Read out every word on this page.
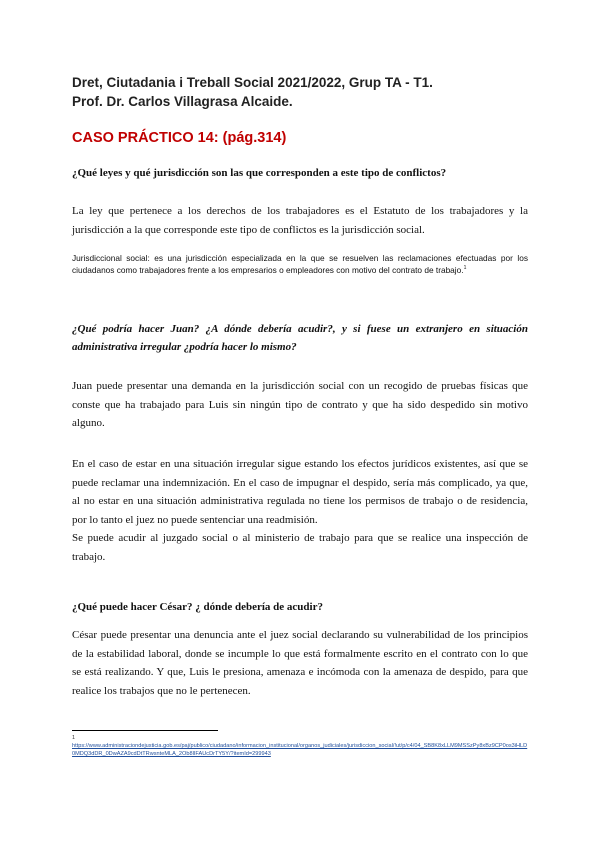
Dret, Ciutadania i Treball Social 2021/2022, Grup TA - T1.
Prof. Dr. Carlos Villagrasa Alcaide.
CASO PRÁCTICO 14: (pág.314)
¿Qué leyes y qué jurisdicción son las que corresponden a este tipo de conflictos?
La ley que pertenece a los derechos de los trabajadores es el Estatuto de los trabajadores y la jurisdicción a la que corresponde este tipo de conflictos es la jurisdicción social.
Jurisdiccional social: es una jurisdicción especializada en la que se resuelven las reclamaciones efectuadas por los ciudadanos como trabajadores frente a los empresarios o empleadores con motivo del contrato de trabajo.$^1$
¿Qué podría hacer Juan? ¿A dónde debería acudir?, y si fuese un extranjero en situación administrativa irregular ¿podría hacer lo mismo?
Juan puede presentar una demanda en la jurisdicción social con un recogido de pruebas físicas que conste que ha trabajado para Luis sin ningún tipo de contrato y que ha sido despedido sin motivo alguno.
En el caso de estar en una situación irregular sigue estando los efectos jurídicos existentes, así que se puede reclamar una indemnización. En el caso de impugnar el despido, sería más complicado, ya que, al no estar en una situación administrativa regulada no tiene los permisos de trabajo o de residencia, por lo tanto el juez no puede sentenciar una readmisión.
Se puede acudir al juzgado social o al ministerio de trabajo para que se realice una inspección de trabajo.
¿Qué puede hacer César? ¿ dónde debería de acudir?
César puede presentar una denuncia ante el juez social declarando su vulnerabilidad de los principios de la estabilidad laboral, donde se incumple lo que está formalmente escrito en el contrato con lo que se está realizando. Y que, Luis le presiona, amenaza e incómoda con la amenaza de despido, para que realice los trabajos que no le pertenecen.
1
https://www.administraciondejusticia.gob.es/paj/publico/ciudadano/informacion_institucional/organos_judiciales/jurisdiccion_social/!ut/p/c4/04_SB8K8xLLM9MSSzPy8xBz9CP0os3iHLD0MDQ3dDR_0DwAZA9cdDtTRwsnteMLA_2Ob8lIFAUcDrTY5Y/?itemId=299943
